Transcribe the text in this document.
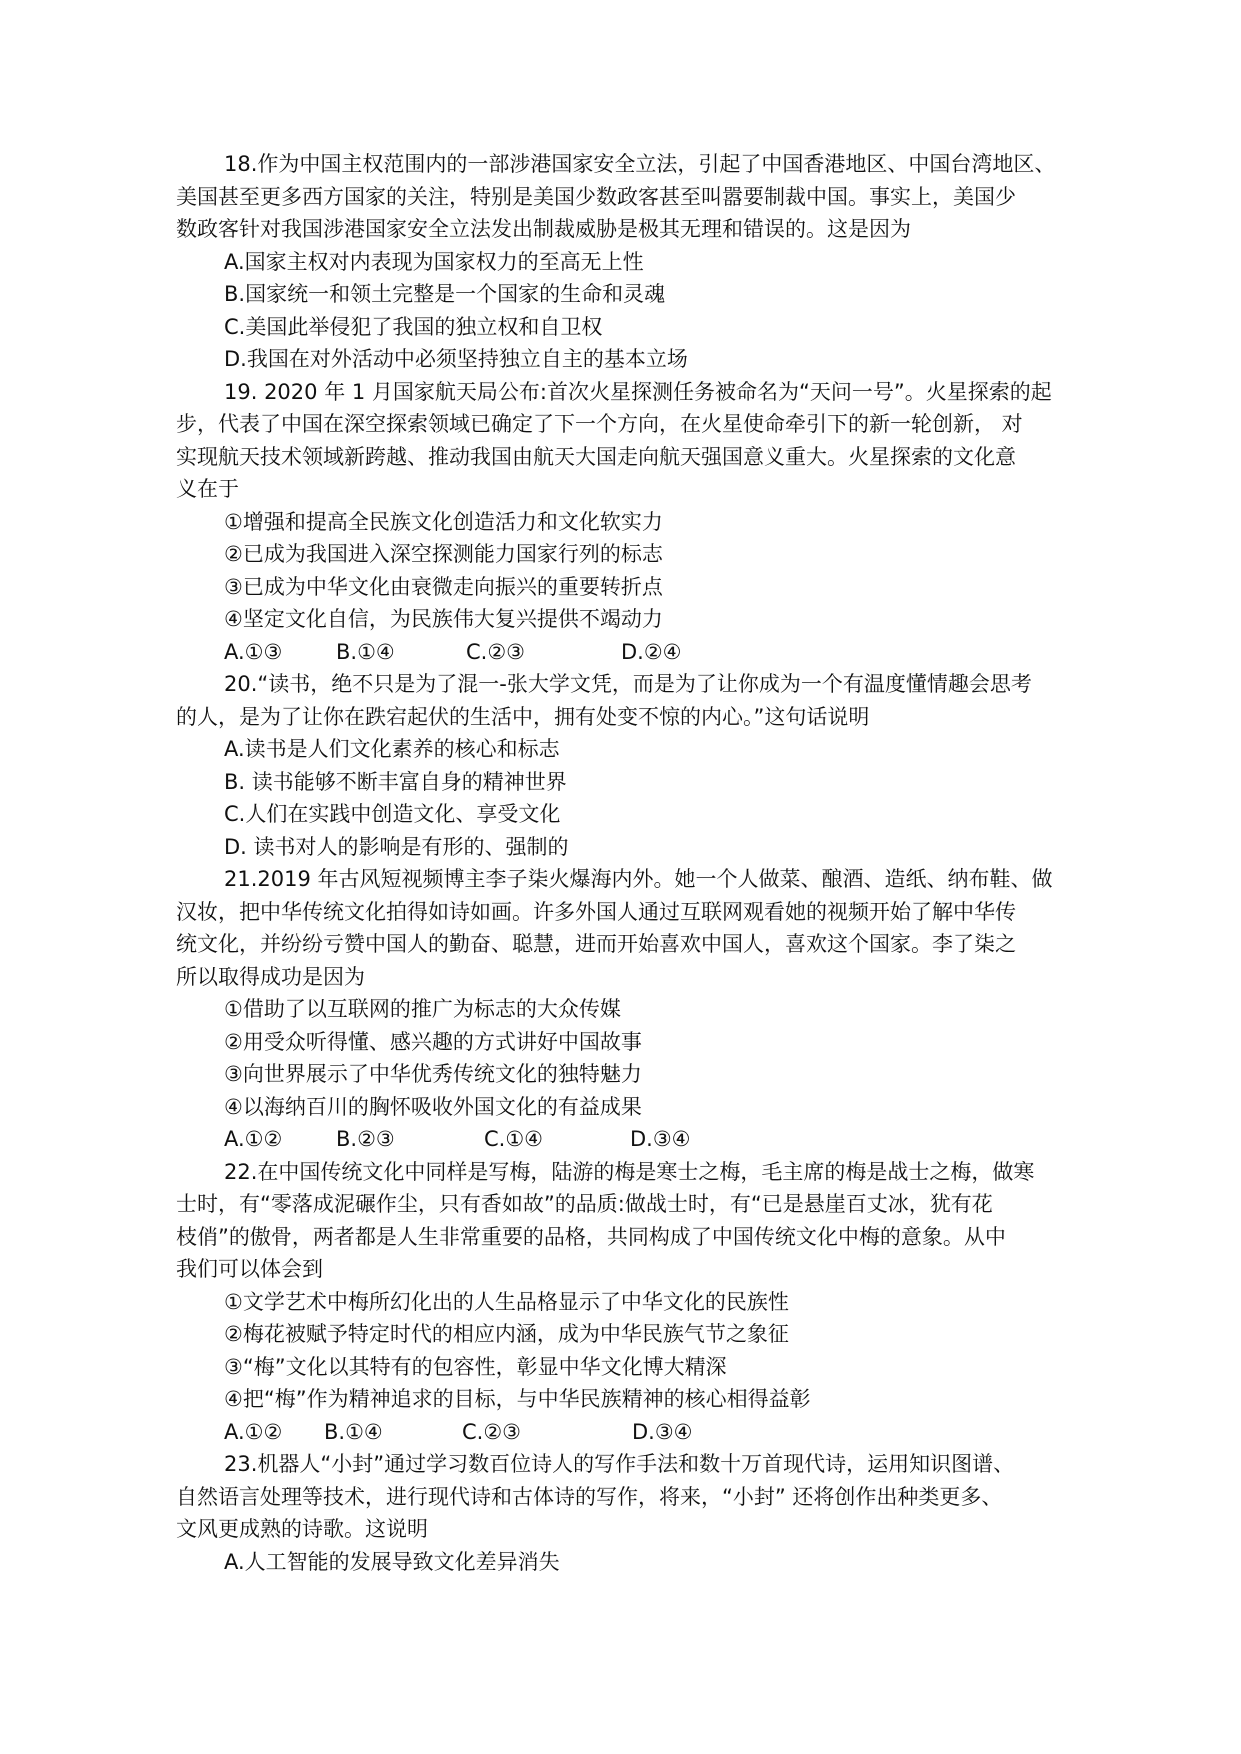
18.作为中国主权范围内的一部涉港国家安全立法，引起了中国香港地区、中国台湾地区、
美国甚至更多西方国家的关注，特别是美国少数政客甚至叫嚣要制裁中国。事实上，美国少
数政客针对我国涉港国家安全立法发出制裁威胁是极其无理和错误的。这是因为
A.国家主权对内表现为国家权力的至高无上性
B.国家统一和领土完整是一个国家的生命和灵魂
C.美国此举侵犯了我国的独立权和自卫权
D.我国在对外活动中必须坚持独立自主的基本立场
19. 2020 年 1 月国家航天局公布:首次火星探测任务被命名为“天问一号”。火星探索的起
步，代表了中国在深空探索领域已确定了下一个方向，在火星使命牵引下的新一轮创新， 对
实现航天技术领域新跨越、推动我国由航天大国走向航天强国意义重大。火星探索的文化意
义在于
①增强和提高全民族文化创造活力和文化软实力
②已成为我国进入深空探测能力国家行列的标志
③已成为中华文化由衰微走向振兴的重要转折点
④坚定文化自信，为民族伟大复兴提供不竭动力
A.①③	B.①④	C.②③	D.②④
20.“读书，绝不只是为了混一-张大学文凭，而是为了让你成为一个有温度懂情趣会思考
的人，是为了让你在跌宕起伏的生活中，拥有处变不惊的内心。”这句话说明
A.读书是人们文化素养的核心和标志
B. 读书能够不断丰富自身的精神世界
C.人们在实践中创造文化、享受文化
D. 读书对人的影响是有形的、强制的
21.2019 年古风短视频博主李子柒火爆海内外。她一个人做菜、酿酒、造纸、纳布鞋、做
汉妆，把中华传统文化拍得如诗如画。许多外国人通过互联网观看她的视频开始了解中华传
统文化，并纷纷亏赞中国人的勤奋、聪慧，进而开始喜欢中国人，喜欢这个国家。李了柒之
所以取得成功是因为
①借助了以互联网的推广为标志的大众传媒
②用受众听得懂、感兴趣的方式讲好中国故事
③向世界展示了中华优秀传统文化的独特魅力
④以海纳百川的胸怀吸收外国文化的有益成果
A.①②	B.②③	C.①④	D.③④
22.在中国传统文化中同样是写梅，陆游的梅是寒士之梅，毛主席的梅是战士之梅，做寒
士时，有“零落成泥碾作尘，只有香如故”的品质:做战士时，有“已是悬崖百丈冰，犹有花
枝俏”的傲骨，两者都是人生非常重要的品格，共同构成了中国传统文化中梅的意象。从中
我们可以体会到
①文学艺术中梅所幻化出的人生品格显示了中华文化的民族性
②梅花被赋予特定时代的相应内涵，成为中华民族气节之象征
③“梅”文化以其特有的包容性，彰显中华文化博大精深
④把“梅”作为精神追求的目标，与中华民族精神的核心相得益彰
A.①②	B.①④	C.②③	D.③④
23.机器人“小封”通过学习数百位诗人的写作手法和数十万首现代诗，运用知识图谱、
自然语言处理等技术，进行现代诗和古体诗的写作，将来，“小封” 还将创作出种类更多、
文风更成熟的诗歌。这说明
A.人工智能的发展导致文化差异消失
